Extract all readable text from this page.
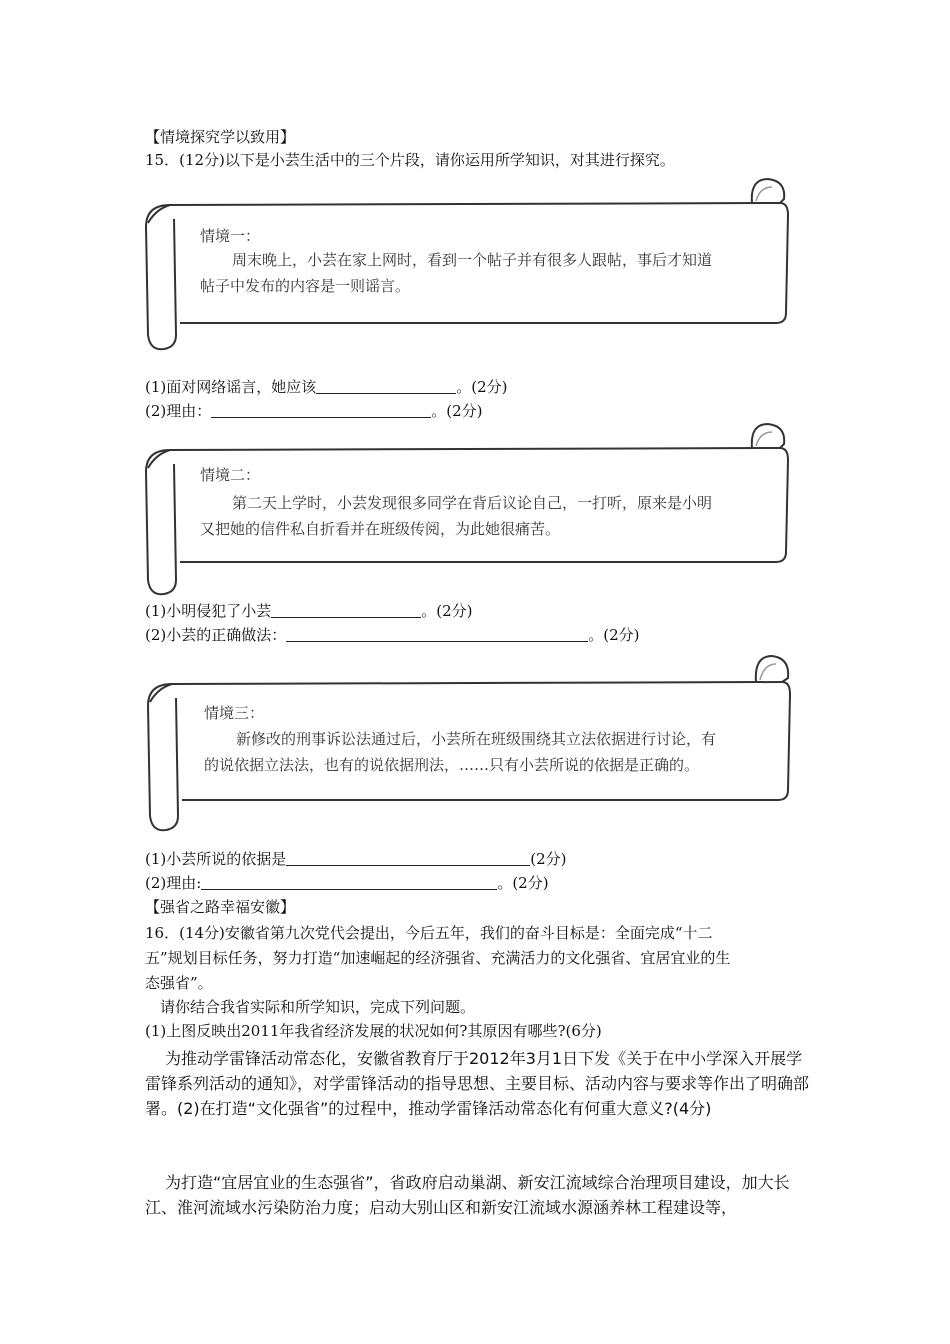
【情境探究学以致用】
15．(12分)以下是小芸生活中的三个片段，请你运用所学知识，对其进行探究。
情境一：
周末晚上，小芸在家上网时，看到一个帖子并有很多人跟帖，事后才知道
帖子中发布的内容是一则谣言。
(1)面对网络谣言，她应该	。(2分)
(2)理由：	。(2分)
情境二：
第二天上学时，小芸发现很多同学在背后议论自己，一打听，原来是小明
又把她的信件私自折看并在班级传阅，为此她很痛苦。
(1)小明侵犯了小芸	。(2分)
(2)小芸的正确做法：	。(2分)
情境三：
新修改的刑事诉讼法通过后，小芸所在班级围绕其立法依据进行讨论，有
的说依据立法法，也有的说依据刑法，……只有小芸所说的依据是正确的。
(1)小芸所说的依据是	(2分)
(2)理由:	。(2分)
【强省之路幸福安徽】
16．(14分)安徽省第九次党代会提出，今后五年，我们的奋斗目标是：全面完成“十二
五”规划目标任务，努力打造“加速崛起的经济强省、充满活力的文化强省、宜居宜业的生
态强省”。
请你结合我省实际和所学知识，完成下列问题。
(1)上图反映出2011年我省经济发展的状况如何?其原因有哪些?(6分)
为推动学雷锋活动常态化，安徽省教育厅于2012年3月1日下发《关于在中小学深入开展学雷锋系列活动的通知》，对学雷锋活动的指导思想、主要目标、活动内容与要求等作出了明确部署。(2)在打造“文化强省”的过程中，推动学雷锋活动常态化有何重大意义?(4分)
为打造“宜居宜业的生态强省”，省政府启动巢湖、新安江流域综合治理项目建设，加大长江、淮河流域水污染防治力度；启动大别山区和新安江流域水源涵养林工程建设等，
